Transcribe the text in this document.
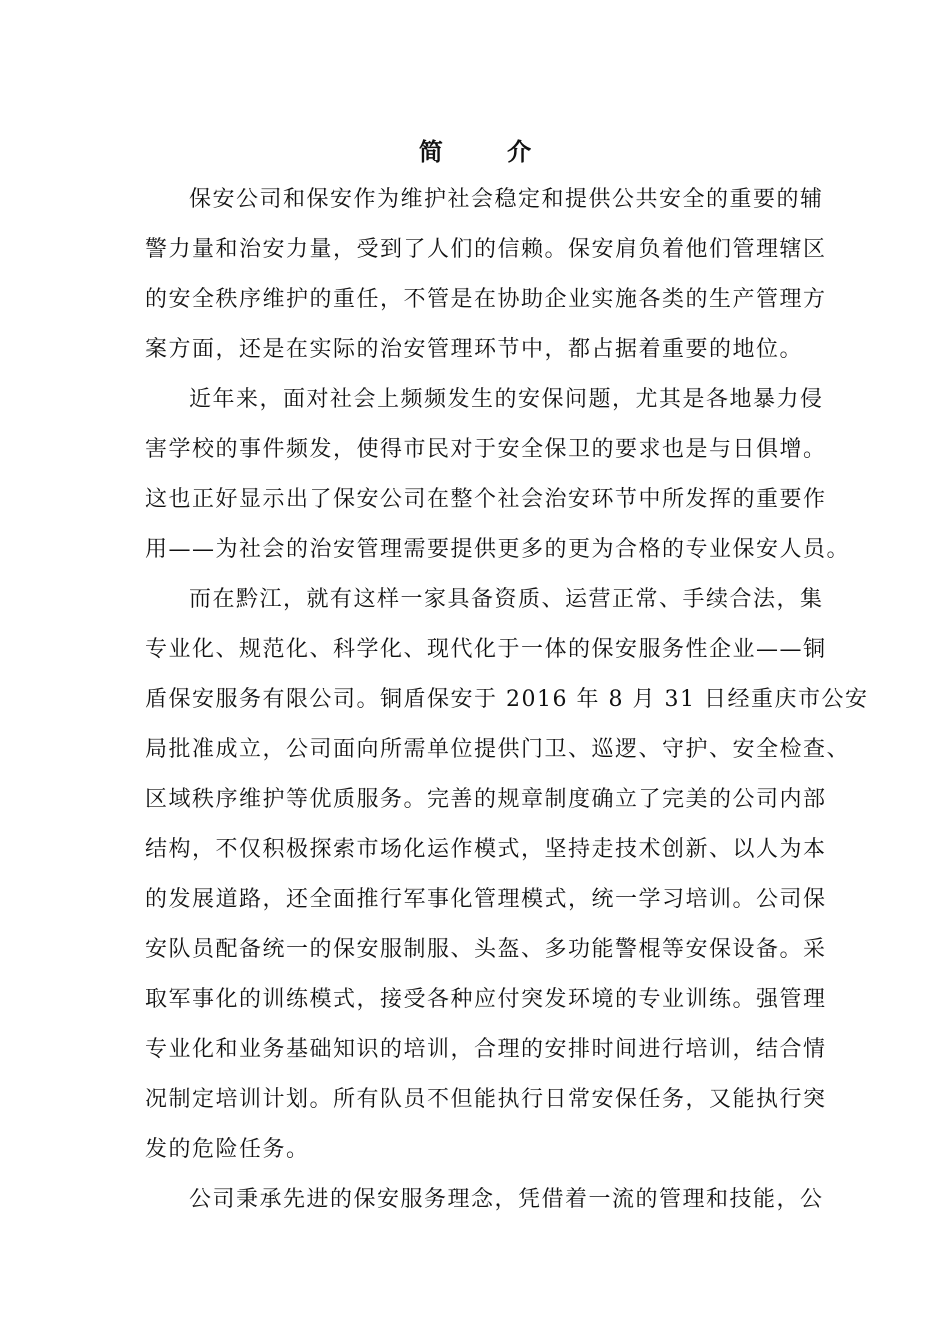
简 介
保安公司和保安作为维护社会稳定和提供公共安全的重要的辅
警力量和治安力量，受到了人们的信赖。保安肩负着他们管理辖区
的安全秩序维护的重任，不管是在协助企业实施各类的生产管理方
案方面，还是在实际的治安管理环节中，都占据着重要的地位。
近年来，面对社会上频频发生的安保问题，尤其是各地暴力侵
害学校的事件频发，使得市民对于安全保卫的要求也是与日俱增。
这也正好显示出了保安公司在整个社会治安环节中所发挥的重要作
用——为社会的治安管理需要提供更多的更为合格的专业保安人员。
而在黔江，就有这样一家具备资质、运营正常、手续合法，集
专业化、规范化、科学化、现代化于一体的保安服务性企业——铜
盾保安服务有限公司。铜盾保安于 2016 年 8 月 31 日经重庆市公安
局批准成立，公司面向所需单位提供门卫、巡逻、守护、安全检查、
区域秩序维护等优质服务。完善的规章制度确立了完美的公司内部
结构，不仅积极探索市场化运作模式，坚持走技术创新、以人为本
的发展道路，还全面推行军事化管理模式，统一学习培训。公司保
安队员配备统一的保安服制服、头盔、多功能警棍等安保设备。采
取军事化的训练模式，接受各种应付突发环境的专业训练。强管理
专业化和业务基础知识的培训，合理的安排时间进行培训，结合情
况制定培训计划。所有队员不但能执行日常安保任务，又能执行突
发的危险任务。
公司秉承先进的保安服务理念，凭借着一流的管理和技能，公
